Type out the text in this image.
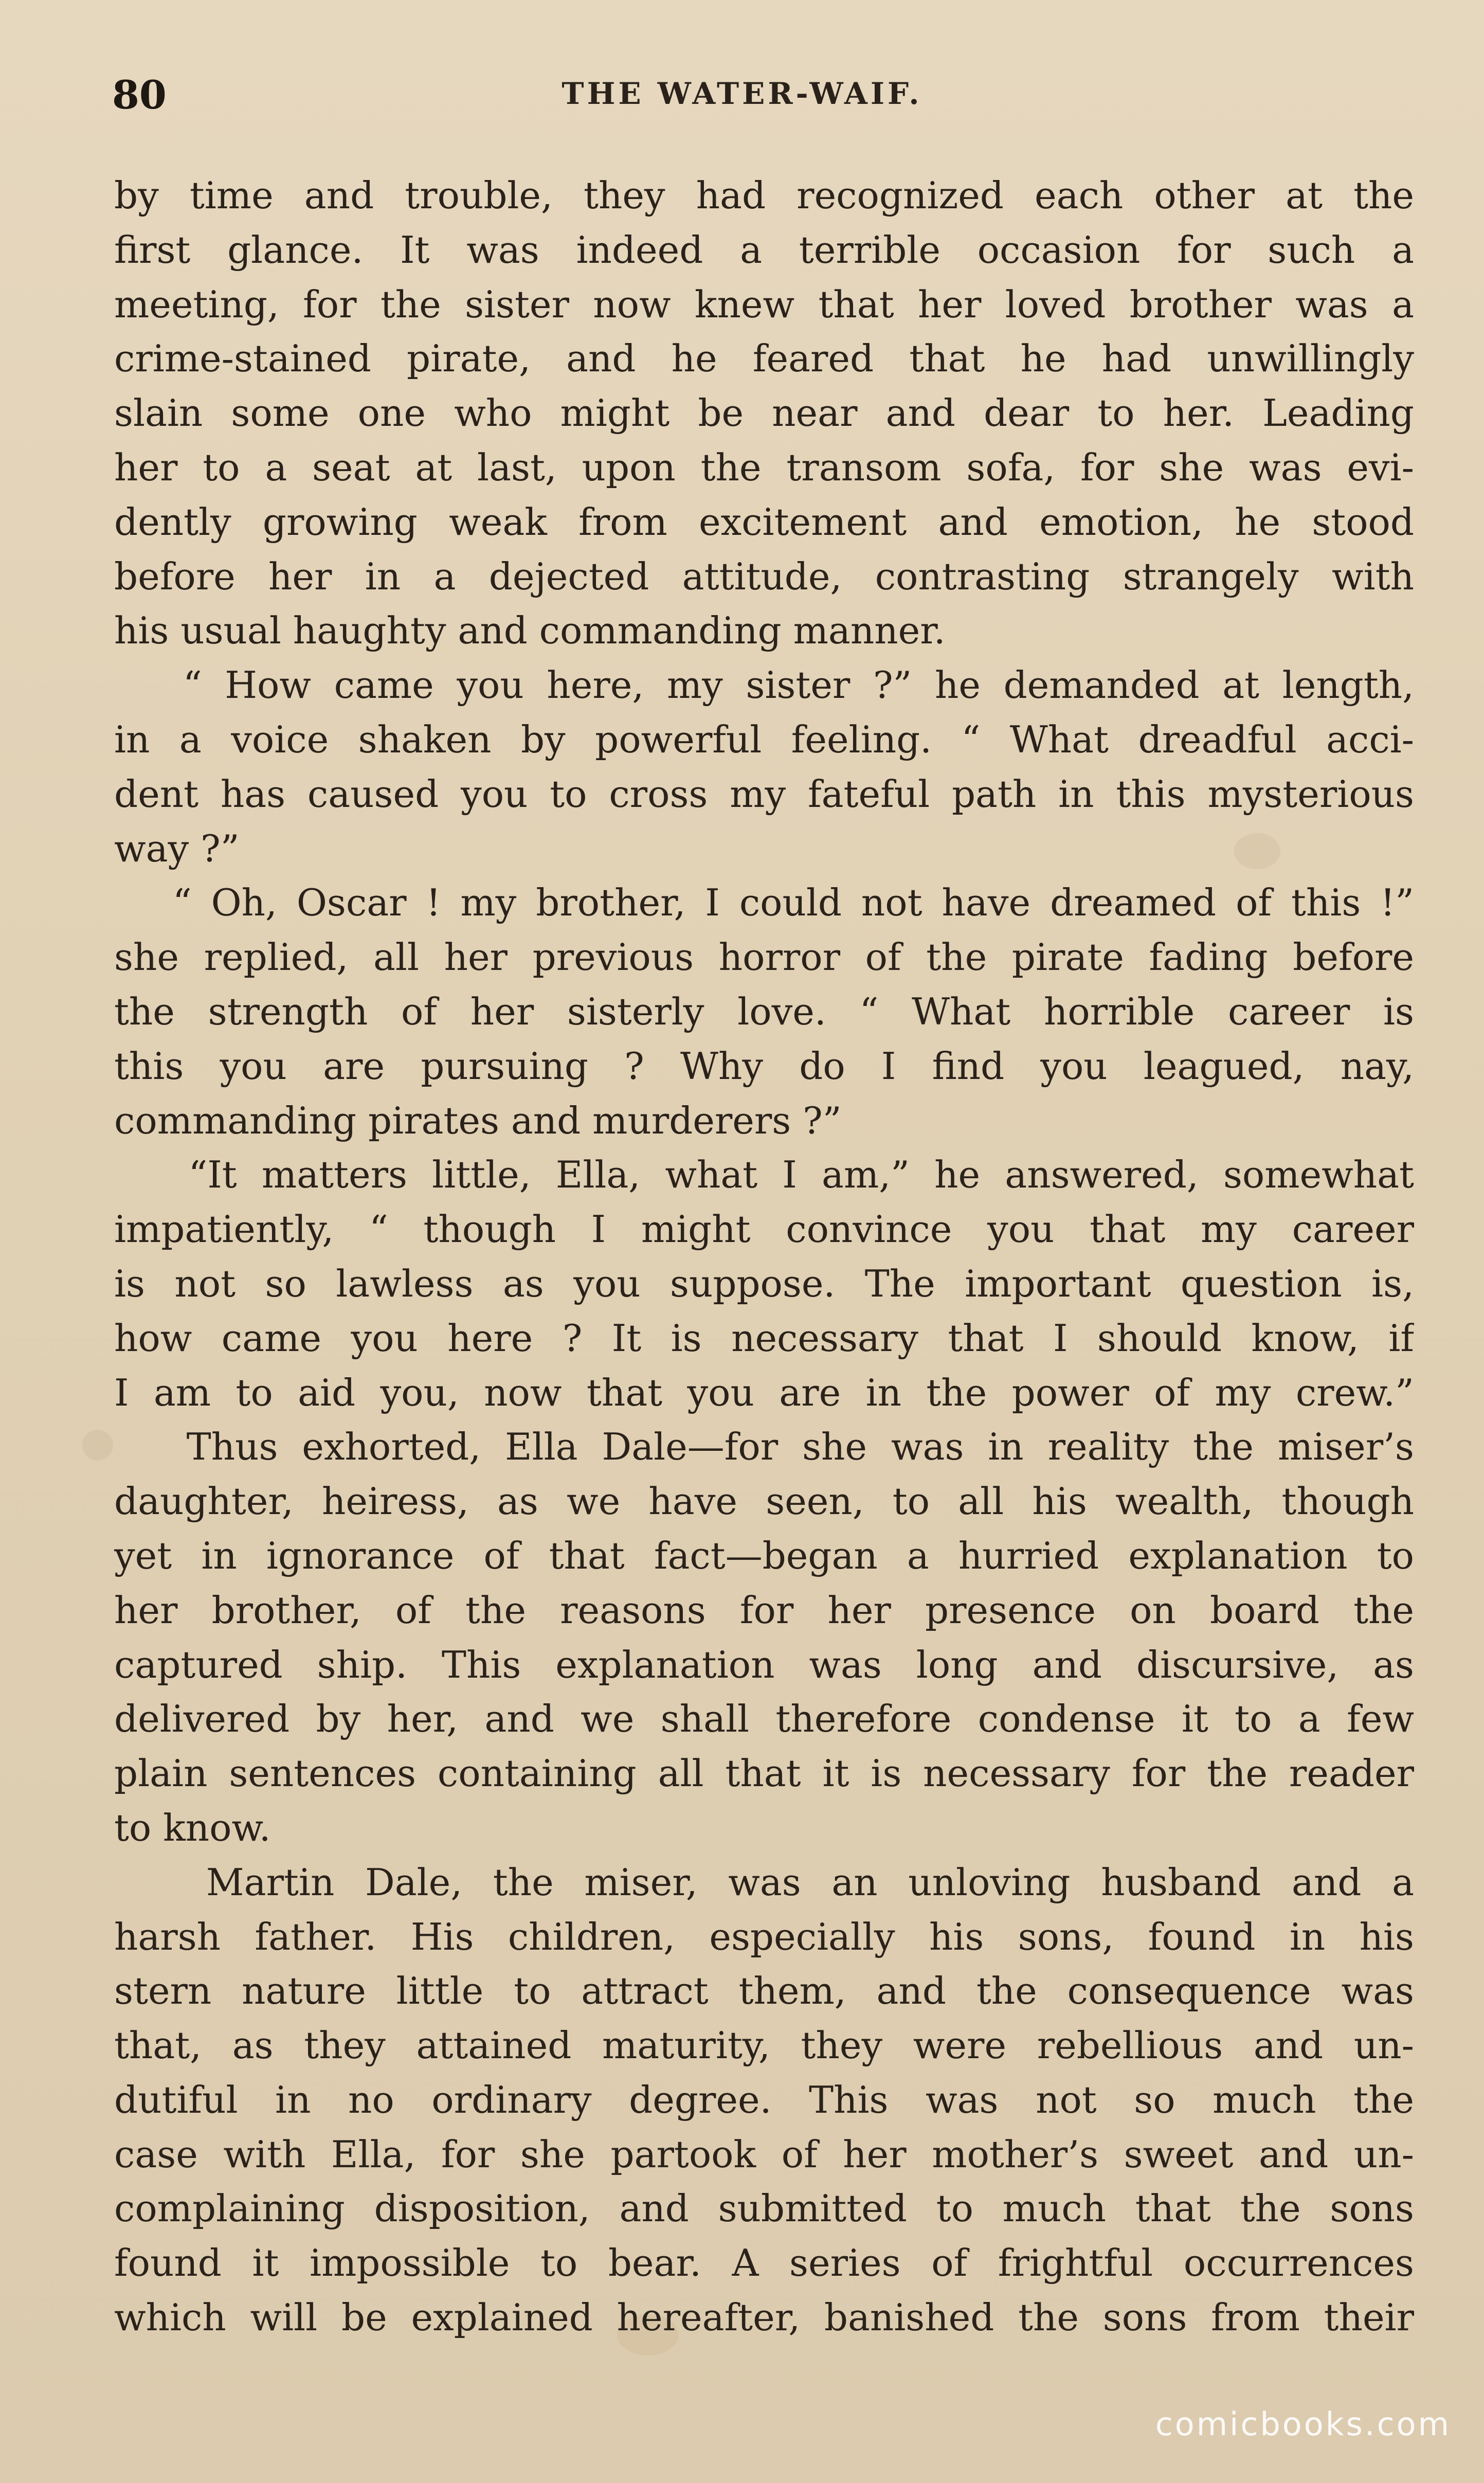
80	THE WATER-WAIF.
by time and trouble, they had recognized each other at the
first glance. It was indeed a terrible occasion for such a
meeting, for the sister now knew that her loved brother was a
crime-stained pirate, and he feared that he had unwillingly
slain some one who might be near and dear to her. Leading
her to a seat at last, upon the transom sofa, for she was evi-
dently growing weak from excitement and emotion, he stood
before her in a dejected attitude, contrasting strangely with
his usual haughty and commanding manner.
“ How came you here, my sister ?” he demanded at length,
in a voice shaken by powerful feeling. “ What dreadful acci-
dent has caused you to cross my fateful path in this mysterious
way ?”
“ Oh, Oscar ! my brother, I could not have dreamed of this !”
she replied, all her previous horror of the pirate fading before
the strength of her sisterly love. “ What horrible career is
this you are pursuing ? Why do I find you leagued, nay,
commanding pirates and murderers ?”
“It matters little, Ella, what I am,” he answered, somewhat
impatiently, “ though I might convince you that my career
is not so lawless as you suppose. The important question is,
how came you here ? It is necessary that I should know, if
I am to aid you, now that you are in the power of my crew.”
Thus exhorted, Ella Dale—for she was in reality the miser’s
daughter, heiress, as we have seen, to all his wealth, though
yet in ignorance of that fact—began a hurried explanation to
her brother, of the reasons for her presence on board the
captured ship. This explanation was long and discursive, as
delivered by her, and we shall therefore condense it to a few
plain sentences containing all that it is necessary for the reader
to know.
Martin Dale, the miser, was an unloving husband and a
harsh father. His children, especially his sons, found in his
stern nature little to attract them, and the consequence was
that, as they attained maturity, they were rebellious and un-
dutiful in no ordinary degree. This was not so much the
case with Ella, for she partook of her mother’s sweet and un-
complaining disposition, and submitted to much that the sons
found it impossible to bear. A series of frightful occurrences
which will be explained hereafter, banished the sons from their
comicbooks.com
